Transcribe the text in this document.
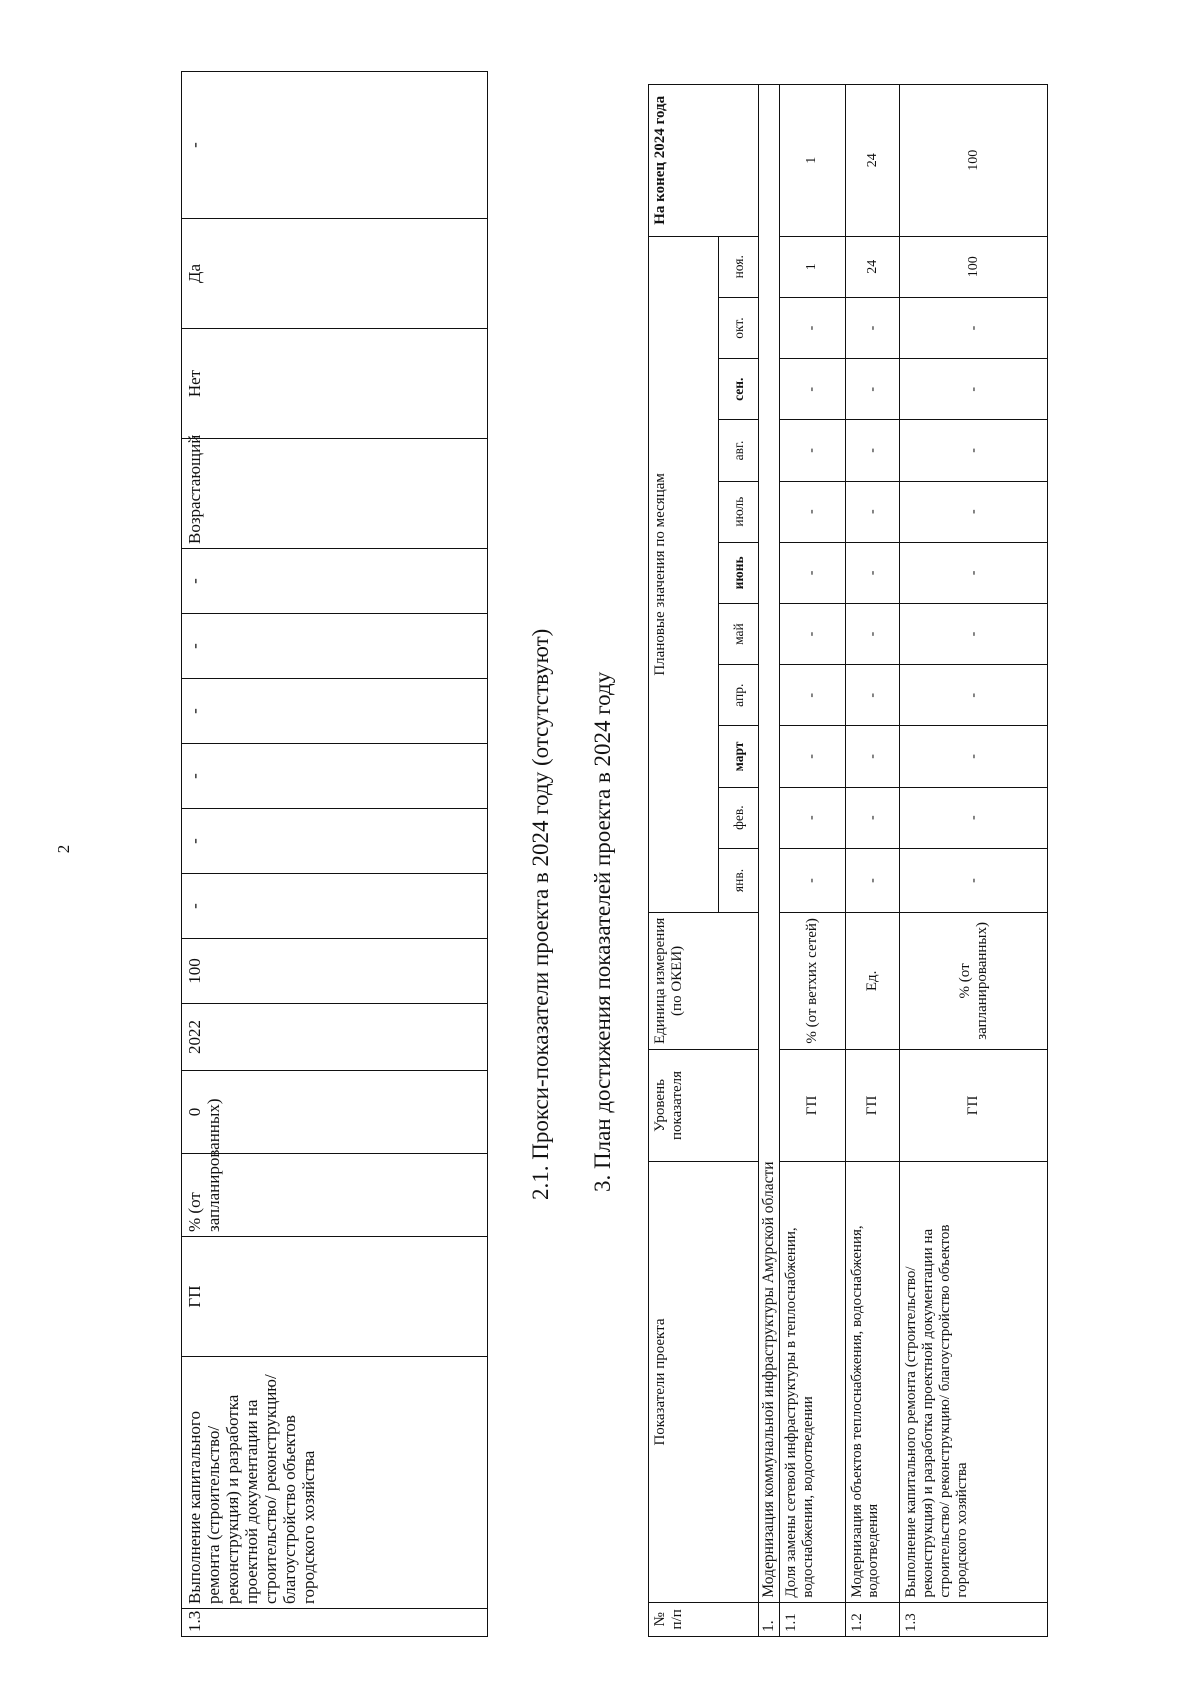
2
1.3	Выполнение капитального ремонта (строительство/ реконструкция) и разработка проектной документации на строительство/ реконструкцию/ благоустройство объектов городского хозяйства	ГП	% (от запланированных)	0	2022	100	-	-	-	-	-	-	Возрастающий	Нет	Да	-
2.1. Прокси-показатели проекта в 2024 году (отсутствуют) 3. План достижения показателей проекта в 2024 году
№ п/п	Показатели проекта	Уровень показателя	Единица измерения (по ОКЕИ)	Плановые значения по месяцам											На конец 2024 года
				янв.	фев.	март	апр.	май	июнь	июль	авг.	сен.	окт.	ноя.	
1.	Модернизация коммунальной инфраструктуры Амурской области														
1.1	Доля замены сетевой инфраструктуры в теплоснабжении, водоснабжении, водоотведении	ГП	% (от ветхих сетей)	-	-	-	-	-	-	-	-	-	-	1	1
1.2	Модернизация объектов теплоснабжения, водоснабжения, водоотведения	ГП	Ед.	-	-	-	-	-	-	-	-	-	-	24	24
1.3	Выполнение капитального ремонта (строительство/ реконструкция) и разработка проектной документации на строительство/ реконструкцию/ благоустройство объектов городского хозяйства	ГП	% (от запланированных)	-	-	-	-	-	-	-	-	-	-	100	100
